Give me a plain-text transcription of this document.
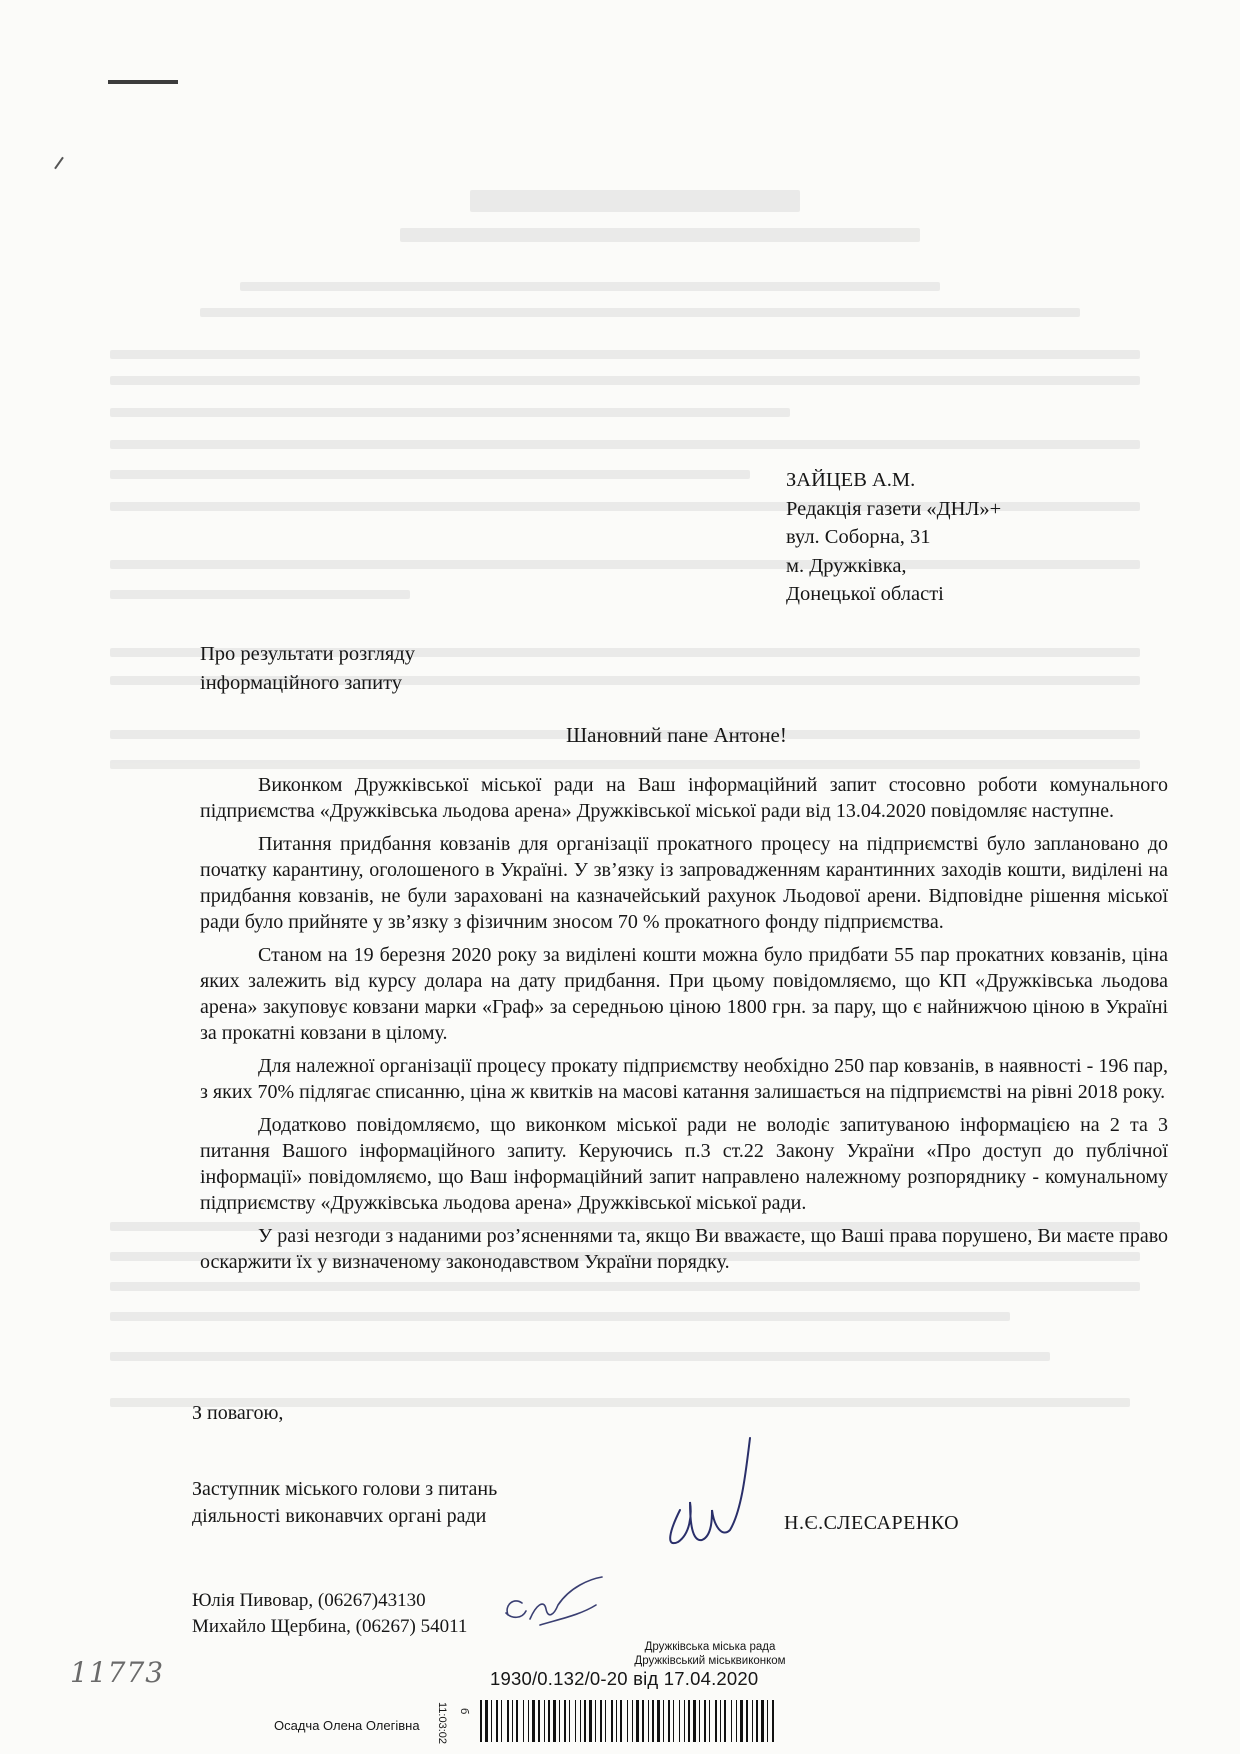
ЗАЙЦЕВ А.М.
Редакція газети «ДНЛ»+
вул. Соборна, 31
м. Дружківка,
Донецької області
Про результати розгляду
інформаційного запиту
Шановний пане Антоне!

Виконком Дружківської міської ради на Ваш інформаційний запит стосовно роботи комунального підприємства «Дружківська льодова арена» Дружківської міської ради від 13.04.2020 повідомляє наступне.

Питання придбання ковзанів для організації прокатного процесу на підприємстві було заплановано до початку карантину, оголошеного в Україні. У зв’язку із запровадженням карантинних заходів кошти, виділені на придбання ковзанів, не були зараховані на казначейський рахунок Льодової арени. Відповідне рішення міської ради було прийняте у зв’язку з фізичним зносом 70 % прокатного фонду підприємства.

Станом на 19 березня 2020 року за виділені кошти можна було придбати 55 пар прокатних ковзанів, ціна яких залежить від курсу долара на дату придбання. При цьому повідомляємо, що КП «Дружківська льодова арена» закуповує ковзани марки «Граф» за середньою ціною 1800 грн. за пару, що є найнижчою ціною в Україні за прокатні ковзани в цілому.

Для належної організації процесу прокату підприємству необхідно 250 пар ковзанів, в наявності - 196 пар, з яких 70% підлягає списанню, ціна ж квитків на масові катання залишається на підприємстві на рівні 2018 року.

Додатково повідомляємо, що виконком міської ради не володіє запитуваною інформацією на 2 та 3 питання Вашого інформаційного запиту. Керуючись п.3 ст.22 Закону України «Про доступ до публічної інформації» повідомляємо, що Ваш інформаційний запит направлено належному розпоряднику - комунальному підприємству «Дружківська льодова арена» Дружківської міської ради.

У разі незгоди з наданими роз’ясненнями та, якщо Ви вважаєте, що Ваші права порушено, Ви маєте право оскаржити їх у визначеному законодавством України порядку.

З повагою,
Заступник міського голови з питань
діяльності виконавчих органі ради	Н.Є.СЛЕСАРЕНКО
Юлія Пивовар, (06267)43130
Михайло Щербина, (06267) 54011
Дружківська міська рада
Дружківський міськвиконком
1930/0.132/0-20 від 17.04.2020
11:03:02 б
Осадча Олена Олегівна
11773
